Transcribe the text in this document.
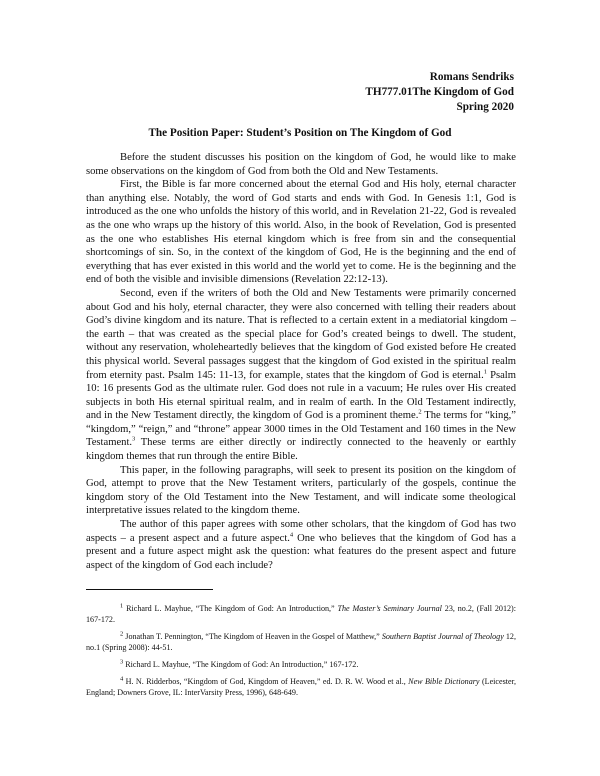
Romans Sendriks
TH777.01The Kingdom of God
Spring 2020
The Position Paper: Student’s Position on The Kingdom of God

Before the student discusses his position on the kingdom of God, he would like to make some observations on the kingdom of God from both the Old and New Testaments.

First, the Bible is far more concerned about the eternal God and His holy, eternal character than anything else. Notably, the word of God starts and ends with God. In Genesis 1:1, God is introduced as the one who unfolds the history of this world, and in Revelation 21-22, God is revealed as the one who wraps up the history of this world. Also, in the book of Revelation, God is presented as the one who establishes His eternal kingdom which is free from sin and the consequential shortcomings of sin. So, in the context of the kingdom of God, He is the beginning and the end of everything that has ever existed in this world and the world yet to come. He is the beginning and the end of both the visible and invisible dimensions (Revelation 22:12-13).

Second, even if the writers of both the Old and New Testaments were primarily concerned about God and his holy, eternal character, they were also concerned with telling their readers about God’s divine kingdom and its nature. That is reflected to a certain extent in a mediatorial kingdom – the earth – that was created as the special place for God’s created beings to dwell. The student, without any reservation, wholeheartedly believes that the kingdom of God existed before He created this physical world. Several passages suggest that the kingdom of God existed in the spiritual realm from eternity past. Psalm 145: 11-13, for example, states that the kingdom of God is eternal.$^1$ Psalm 10: 16 presents God as the ultimate ruler. God does not rule in a vacuum; He rules over His created subjects in both His eternal spiritual realm, and in realm of earth. In the Old Testament indirectly, and in the New Testament directly, the kingdom of God is a prominent theme.$^2$ The terms for “king,” “kingdom,” “reign,” and “throne” appear 3000 times in the Old Testament and 160 times in the New Testament.$^3$ These terms are either directly or indirectly connected to the heavenly or earthly kingdom themes that run through the entire Bible.

This paper, in the following paragraphs, will seek to present its position on the kingdom of God, attempt to prove that the New Testament writers, particularly of the gospels, continue the kingdom story of the Old Testament into the New Testament, and will indicate some theological interpretative issues related to the kingdom theme.

The author of this paper agrees with some other scholars, that the kingdom of God has two aspects – a present aspect and a future aspect.$^4$ One who believes that the kingdom of God has a present and a future aspect might ask the question: what features do the present aspect and future aspect of the kingdom of God each include?

$^1$ Richard L. Mayhue, “The Kingdom of God: An Introduction,” The Master’s Seminary Journal 23, no.2, (Fall 2012): 167-172.

$^2$ Jonathan T. Pennington, “The Kingdom of Heaven in the Gospel of Matthew,” Southern Baptist Journal of Theology 12, no.1 (Spring 2008): 44-51.

$^3$ Richard L. Mayhue, “The Kingdom of God: An Introduction,” 167-172.

$^4$ H. N. Ridderbos, “Kingdom of God, Kingdom of Heaven,” ed. D. R. W. Wood et al., New Bible Dictionary (Leicester, England; Downers Grove, IL: InterVarsity Press, 1996), 648-649.
